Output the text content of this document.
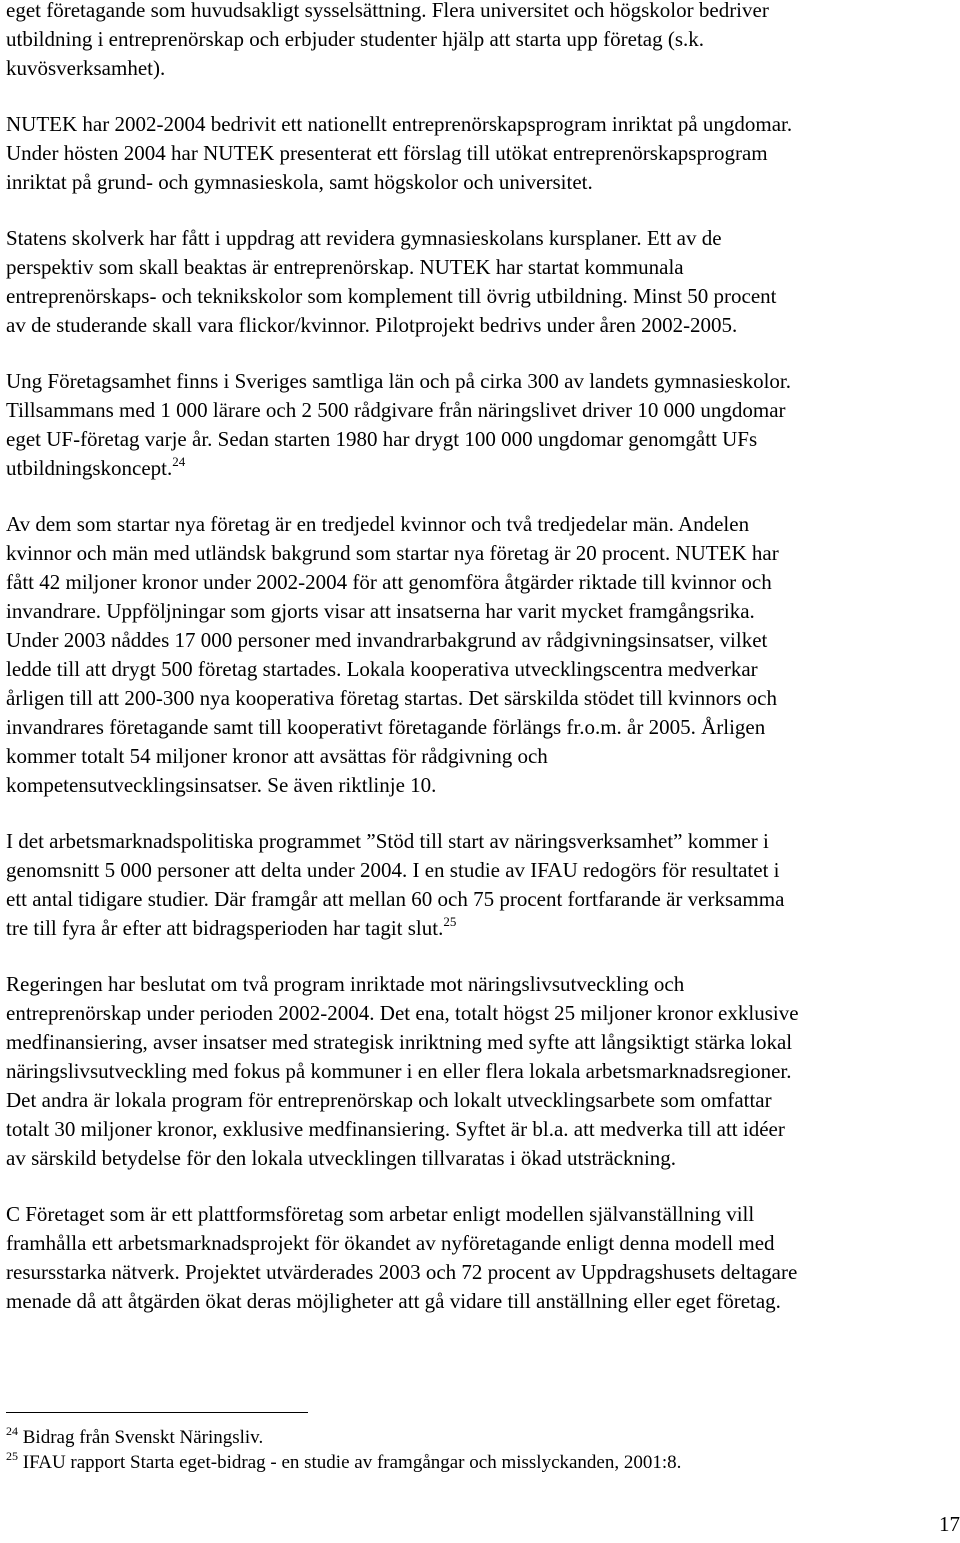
eget företagande som huvudsakligt sysselsättning. Flera universitet och högskolor bedriver
utbildning i entreprenörskap och erbjuder studenter hjälp att starta upp företag (s.k.
kuvösverksamhet).

NUTEK har 2002-2004 bedrivit ett nationellt entreprenörskapsprogram inriktat på ungdomar.
Under hösten 2004 har NUTEK presenterat ett förslag till utökat entreprenörskapsprogram
inriktat på grund- och gymnasieskola, samt högskolor och universitet.

Statens skolverk har fått i uppdrag att revidera gymnasieskolans kursplaner. Ett av de
perspektiv som skall beaktas är entreprenörskap. NUTEK har startat kommunala
entreprenörskaps- och teknikskolor som komplement till övrig utbildning. Minst 50 procent
av de studerande skall vara flickor/kvinnor. Pilotprojekt bedrivs under åren 2002-2005.

Ung Företagsamhet finns i Sveriges samtliga län och på cirka 300 av landets gymnasieskolor.
Tillsammans med 1 000 lärare och 2 500 rådgivare från näringslivet driver 10 000 ungdomar
eget UF-företag varje år. Sedan starten 1980 har drygt 100 000 ungdomar genomgått UFs
utbildningskoncept.$^{24}$

Av dem som startar nya företag är en tredjedel kvinnor och två tredjedelar män. Andelen
kvinnor och män med utländsk bakgrund som startar nya företag är 20 procent. NUTEK har
fått 42 miljoner kronor under 2002-2004 för att genomföra åtgärder riktade till kvinnor och
invandrare. Uppföljningar som gjorts visar att insatserna har varit mycket framgångsrika.
Under 2003 nåddes 17 000 personer med invandrarbakgrund av rådgivningsinsatser, vilket
ledde till att drygt 500 företag startades. Lokala kooperativa utvecklingscentra medverkar
årligen till att 200-300 nya kooperativa företag startas. Det särskilda stödet till kvinnors och
invandrares företagande samt till kooperativt företagande förlängs fr.o.m. år 2005. Årligen
kommer totalt 54 miljoner kronor att avsättas för rådgivning och
kompetensutvecklingsinsatser. Se även riktlinje 10.

I det arbetsmarknadspolitiska programmet ”Stöd till start av näringsverksamhet” kommer i
genomsnitt 5 000 personer att delta under 2004. I en studie av IFAU redogörs för resultatet i
ett antal tidigare studier. Där framgår att mellan 60 och 75 procent fortfarande är verksamma
tre till fyra år efter att bidragsperioden har tagit slut.$^{25}$

Regeringen har beslutat om två program inriktade mot näringslivsutveckling och
entreprenörskap under perioden 2002-2004. Det ena, totalt högst 25 miljoner kronor exklusive
medfinansiering, avser insatser med strategisk inriktning med syfte att långsiktigt stärka lokal
näringslivsutveckling med fokus på kommuner i en eller flera lokala arbetsmarknadsregioner.
Det andra är lokala program för entreprenörskap och lokalt utvecklingsarbete som omfattar
totalt 30 miljoner kronor, exklusive medfinansiering. Syftet är bl.a. att medverka till att idéer
av särskild betydelse för den lokala utvecklingen tillvaratas i ökad utsträckning.

C Företaget som är ett plattformsföretag som arbetar enligt modellen självanställning vill
framhålla ett arbetsmarknadsprojekt för ökandet av nyföretagande enligt denna modell med
resursstarka nätverk. Projektet utvärderades 2003 och 72 procent av Uppdragshusets deltagare
menade då att åtgärden ökat deras möjligheter att gå vidare till anställning eller eget företag.

$^{24}$ Bidrag från Svenskt Näringsliv.
$^{25}$ IFAU rapport Starta eget-bidrag - en studie av framgångar och misslyckanden, 2001:8.
17
